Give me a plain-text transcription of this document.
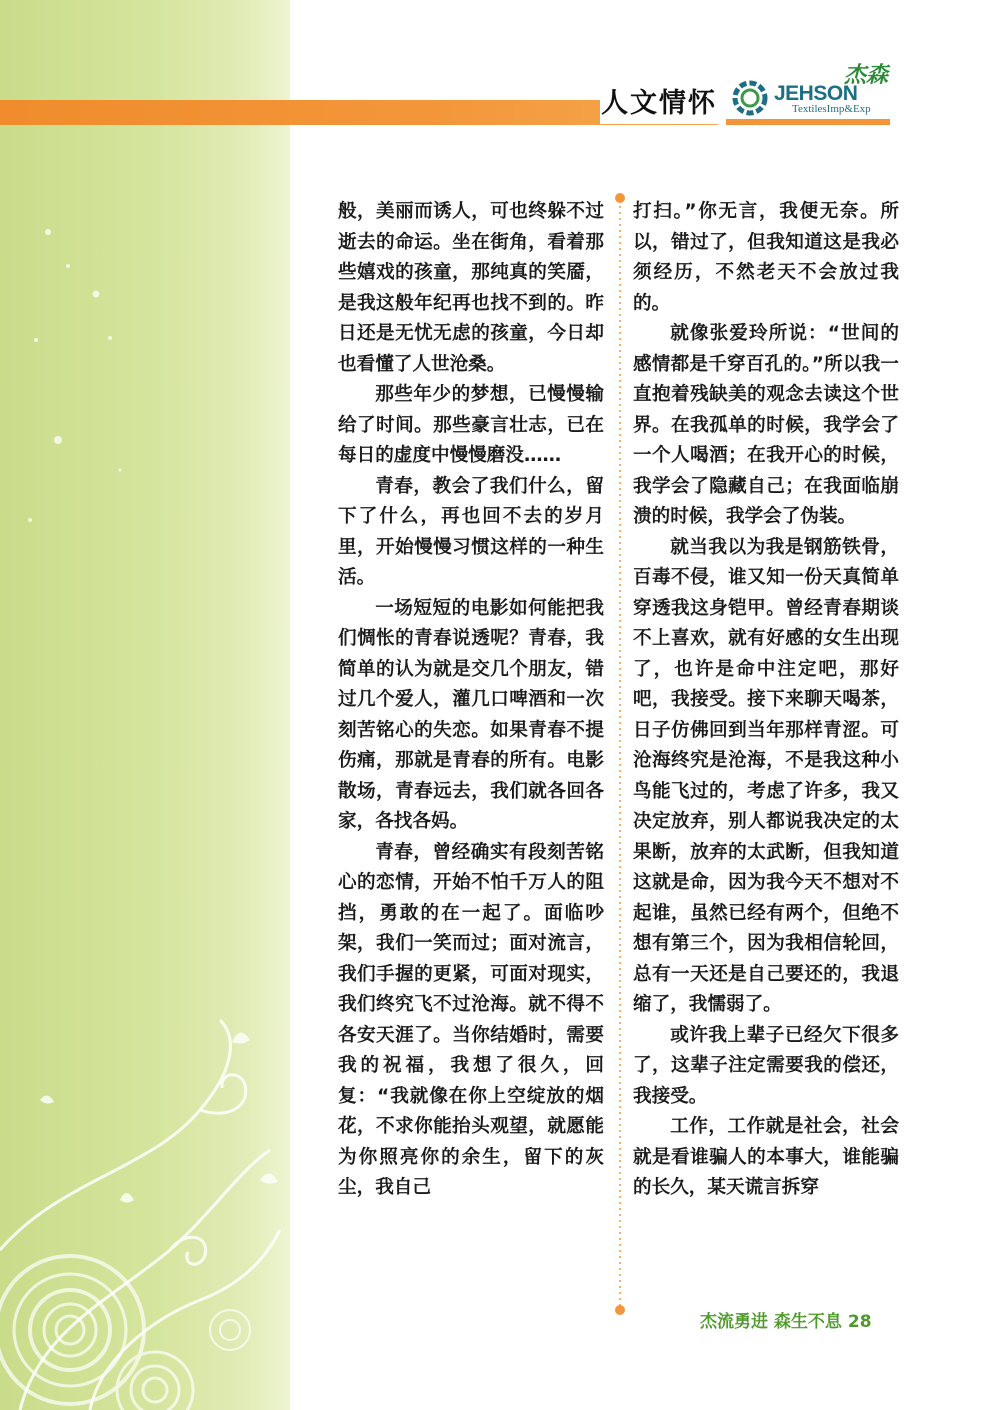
人文情怀	JEHSON
TextilesImp&Exp
杰森

般，美丽而诱人，可也终躲不过逝去的命运。坐在街角，看着那些嬉戏的孩童，那纯真的笑靥，是我这般年纪再也找不到的。昨日还是无忧无虑的孩童，今日却也看懂了人世沧桑。

那些年少的梦想，已慢慢输给了时间。那些豪言壮志，已在每日的虚度中慢慢磨没……

青春，教会了我们什么，留下了什么，再也回不去的岁月里，开始慢慢习惯这样的一种生活。

一场短短的电影如何能把我们惆怅的青春说透呢？青春，我简单的认为就是交几个朋友，错过几个爱人，灌几口啤酒和一次刻苦铭心的失恋。如果青春不提伤痛，那就是青春的所有。电影散场，青春远去，我们就各回各家，各找各妈。

青春，曾经确实有段刻苦铭心的恋情，开始不怕千万人的阻挡，勇敢的在一起了。面临吵架，我们一笑而过；面对流言，我们手握的更紧，可面对现实，我们终究飞不过沧海。就不得不各安天涯了。当你结婚时，需要我的祝福，我想了很久，回复：“我就像在你上空绽放的烟花，不求你能抬头观望，就愿能为你照亮你的余生，留下的灰尘，我自己

打扫。”你无言，我便无奈。所以，错过了，但我知道这是我必须经历，不然老天不会放过我的。

就像张爱玲所说：“世间的感情都是千穿百孔的。”所以我一直抱着残缺美的观念去读这个世界。在我孤单的时候，我学会了一个人喝酒；在我开心的时候，我学会了隐藏自己；在我面临崩溃的时候，我学会了伪装。

就当我以为我是钢筋铁骨，百毒不侵，谁又知一份天真简单穿透我这身铠甲。曾经青春期谈不上喜欢，就有好感的女生出现了，也许是命中注定吧，那好吧，我接受。接下来聊天喝茶，日子仿佛回到当年那样青涩。可沧海终究是沧海，不是我这种小鸟能飞过的，考虑了许多，我又决定放弃，别人都说我决定的太果断，放弃的太武断，但我知道这就是命，因为我今天不想对不起谁，虽然已经有两个，但绝不想有第三个，因为我相信轮回，总有一天还是自己要还的，我退缩了，我懦弱了。

或许我上辈子已经欠下很多了，这辈子注定需要我的偿还，我接受。

工作，工作就是社会，社会就是看谁骗人的本事大，谁能骗的长久，某天谎言拆穿

杰流勇进 森生不息 28
